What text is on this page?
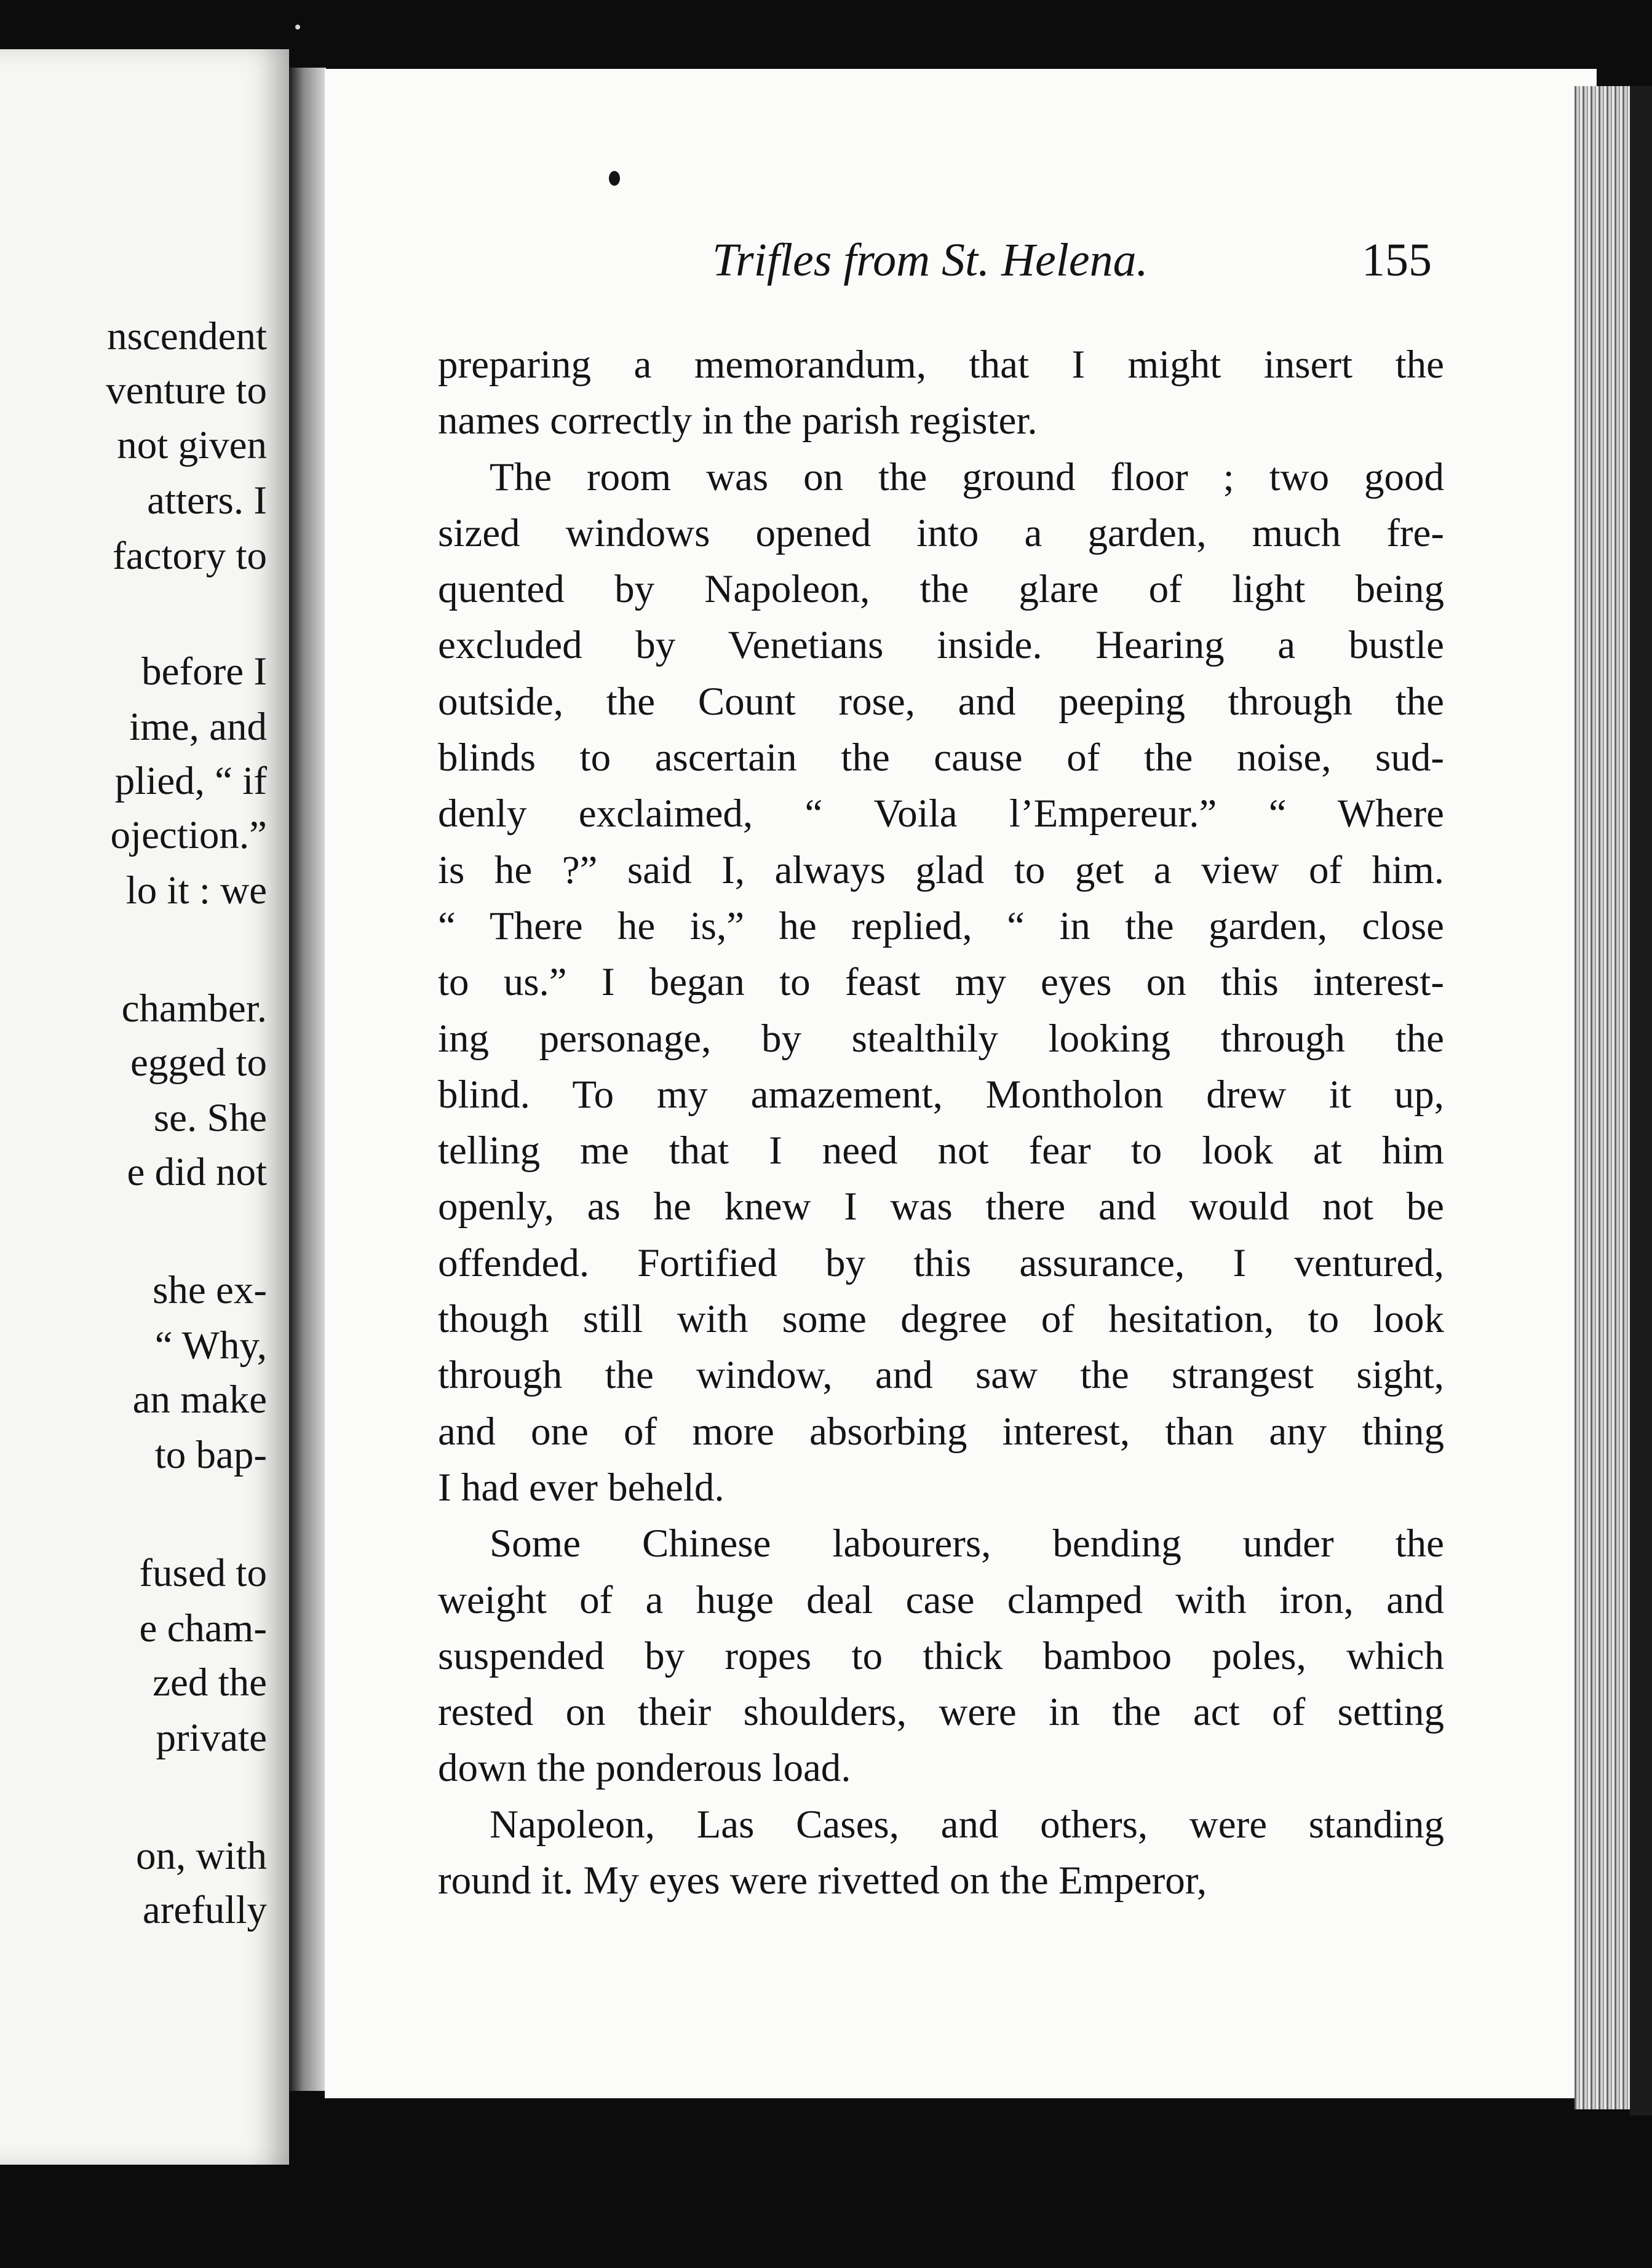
nscendent
venture to
not given
atters. I
factory to
before I
ime, and
plied, “ if
ojection.”
lo it : we
chamber.
egged to
se. She
e did not
she ex-
“ Why,
an make
to bap-
fused to
e cham-
zed the
private
on, with
arefully
Trifles from St. Helena.	155
preparing a memorandum, that I might insert the
names correctly in the parish register.
The room was on the ground floor ; two good
sized windows opened into a garden, much fre-
quented by Napoleon, the glare of light being
excluded by Venetians inside. Hearing a bustle
outside, the Count rose, and peeping through the
blinds to ascertain the cause of the noise, sud-
denly exclaimed, “ Voila l’Empereur.” “ Where
is he ?” said I, always glad to get a view of him.
“ There he is,” he replied, “ in the garden, close
to us.” I began to feast my eyes on this interest-
ing personage, by stealthily looking through the
blind. To my amazement, Montholon drew it up,
telling me that I need not fear to look at him
openly, as he knew I was there and would not be
offended. Fortified by this assurance, I ventured,
though still with some degree of hesitation, to look
through the window, and saw the strangest sight,
and one of more absorbing interest, than any thing
I had ever beheld.
Some Chinese labourers, bending under the
weight of a huge deal case clamped with iron, and
suspended by ropes to thick bamboo poles, which
rested on their shoulders, were in the act of setting
down the ponderous load.
Napoleon, Las Cases, and others, were standing
round it. My eyes were rivetted on the Emperor,
